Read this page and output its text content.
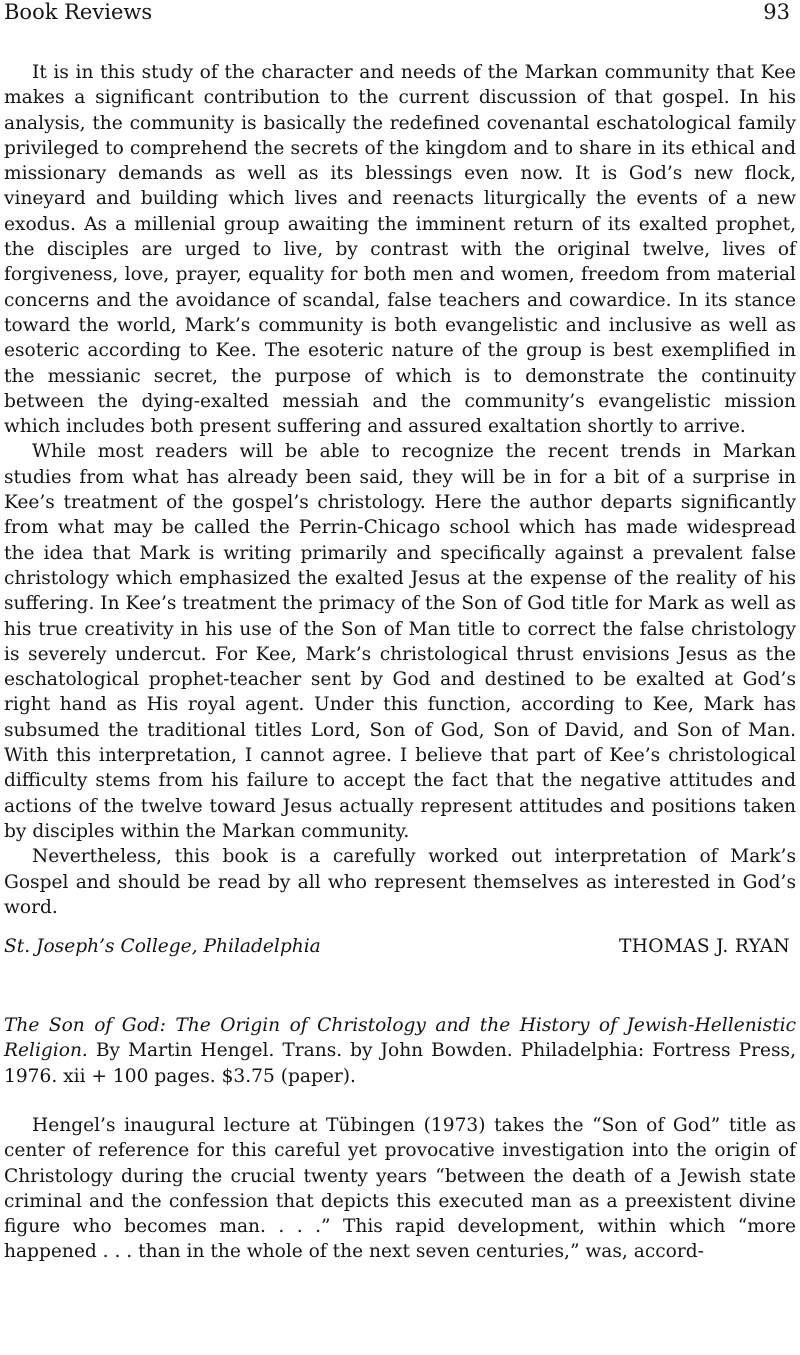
Book Reviews	93

It is in this study of the character and needs of the Markan community that Kee makes a significant contribution to the current discussion of that gospel. In his analysis, the community is basically the redefined covenantal eschatological family privileged to comprehend the secrets of the kingdom and to share in its ethical and missionary demands as well as its blessings even now. It is God’s new flock, vineyard and building which lives and reenacts liturgically the events of a new exodus. As a millenial group awaiting the imminent return of its exalted prophet, the disciples are urged to live, by contrast with the original twelve, lives of forgiveness, love, prayer, equality for both men and women, freedom from material concerns and the avoidance of scandal, false teachers and cowardice. In its stance toward the world, Mark’s community is both evangelistic and inclusive as well as esoteric according to Kee. The esoteric nature of the group is best exemplified in the messianic secret, the purpose of which is to demonstrate the continuity between the dying-exalted messiah and the community’s evangelistic mission which includes both present suffering and assured exaltation shortly to arrive.

While most readers will be able to recognize the recent trends in Markan studies from what has already been said, they will be in for a bit of a surprise in Kee’s treatment of the gospel’s christology. Here the author departs significantly from what may be called the Perrin-Chicago school which has made widespread the idea that Mark is writing primarily and specifically against a prevalent false christology which emphasized the exalted Jesus at the expense of the reality of his suffering. In Kee’s treatment the primacy of the Son of God title for Mark as well as his true creativity in his use of the Son of Man title to correct the false christology is severely undercut. For Kee, Mark’s christological thrust envisions Jesus as the eschatological prophet-teacher sent by God and destined to be exalted at God’s right hand as His royal agent. Under this function, according to Kee, Mark has subsumed the traditional titles Lord, Son of God, Son of David, and Son of Man. With this interpretation, I cannot agree. I believe that part of Kee’s christological difficulty stems from his failure to accept the fact that the negative attitudes and actions of the twelve toward Jesus actually represent attitudes and positions taken by disciples within the Markan community.

Nevertheless, this book is a carefully worked out interpretation of Mark’s Gospel and should be read by all who represent themselves as interested in God’s word.

St. Joseph’s College, Philadelphia	THOMAS J. RYAN

The Son of God: The Origin of Christology and the History of Jewish-Hellenistic Religion. By Martin Hengel. Trans. by John Bowden. Philadelphia: Fortress Press, 1976. xii + 100 pages. $3.75 (paper).

Hengel’s inaugural lecture at Tübingen (1973) takes the “Son of God” title as center of reference for this careful yet provocative investigation into the origin of Christology during the crucial twenty years “between the death of a Jewish state criminal and the confession that depicts this executed man as a preexistent divine figure who becomes man. . . .” This rapid development, within which “more happened . . . than in the whole of the next seven centuries,” was, accord-
